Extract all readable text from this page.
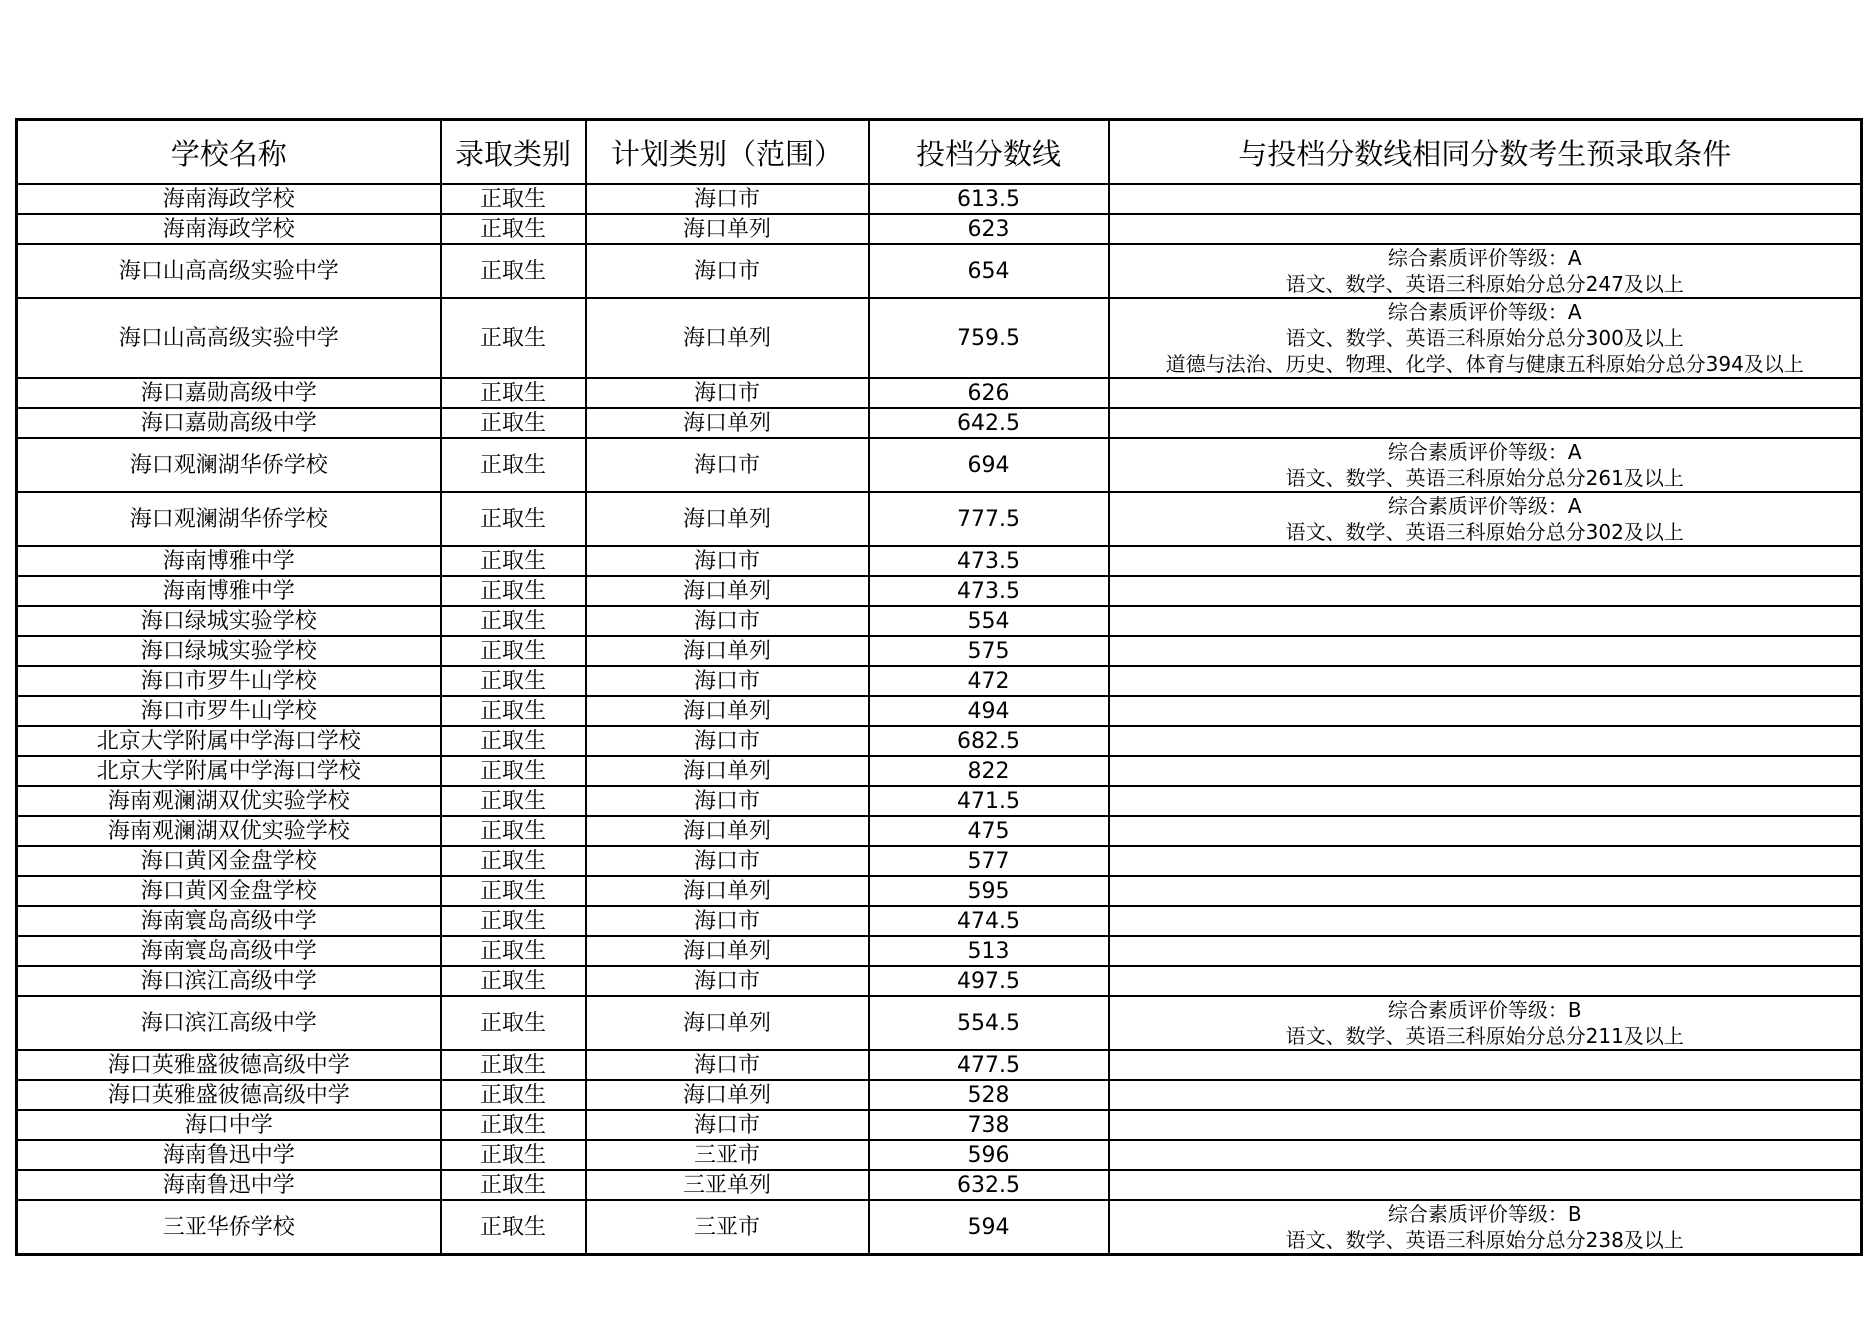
学校名称	录取类别	计划类别（范围）	投档分数线	与投档分数线相同分数考生预录取条件
海南海政学校	正取生	海口市	613.5	
海南海政学校	正取生	海口单列	623	
海口山高高级实验中学	正取生	海口市	654	综合素质评价等级：A
语文、数学、英语三科原始分总分247及以上

海口山高高级实验中学	正取生	海口单列	759.5	综合素质评价等级：A
语文、数学、英语三科原始分总分300及以上
道德与法治、历史、物理、化学、体育与健康五科原始分总分394及以上

海口嘉勋高级中学	正取生	海口市	626	
海口嘉勋高级中学	正取生	海口单列	642.5	
海口观澜湖华侨学校	正取生	海口市	694	综合素质评价等级：A
语文、数学、英语三科原始分总分261及以上

海口观澜湖华侨学校	正取生	海口单列	777.5	综合素质评价等级：A
语文、数学、英语三科原始分总分302及以上

海南博雅中学	正取生	海口市	473.5	
海南博雅中学	正取生	海口单列	473.5	
海口绿城实验学校	正取生	海口市	554	
海口绿城实验学校	正取生	海口单列	575	
海口市罗牛山学校	正取生	海口市	472	
海口市罗牛山学校	正取生	海口单列	494	
北京大学附属中学海口学校	正取生	海口市	682.5	
北京大学附属中学海口学校	正取生	海口单列	822	
海南观澜湖双优实验学校	正取生	海口市	471.5	
海南观澜湖双优实验学校	正取生	海口单列	475	
海口黄冈金盘学校	正取生	海口市	577	
海口黄冈金盘学校	正取生	海口单列	595	
海南寰岛高级中学	正取生	海口市	474.5	
海南寰岛高级中学	正取生	海口单列	513	
海口滨江高级中学	正取生	海口市	497.5	
海口滨江高级中学	正取生	海口单列	554.5	综合素质评价等级：B
语文、数学、英语三科原始分总分211及以上

海口英雅盛彼德高级中学	正取生	海口市	477.5	
海口英雅盛彼德高级中学	正取生	海口单列	528	
海口中学	正取生	海口市	738	
海南鲁迅中学	正取生	三亚市	596	
海南鲁迅中学	正取生	三亚单列	632.5	
三亚华侨学校	正取生	三亚市	594	综合素质评价等级：B
语文、数学、英语三科原始分总分238及以上
